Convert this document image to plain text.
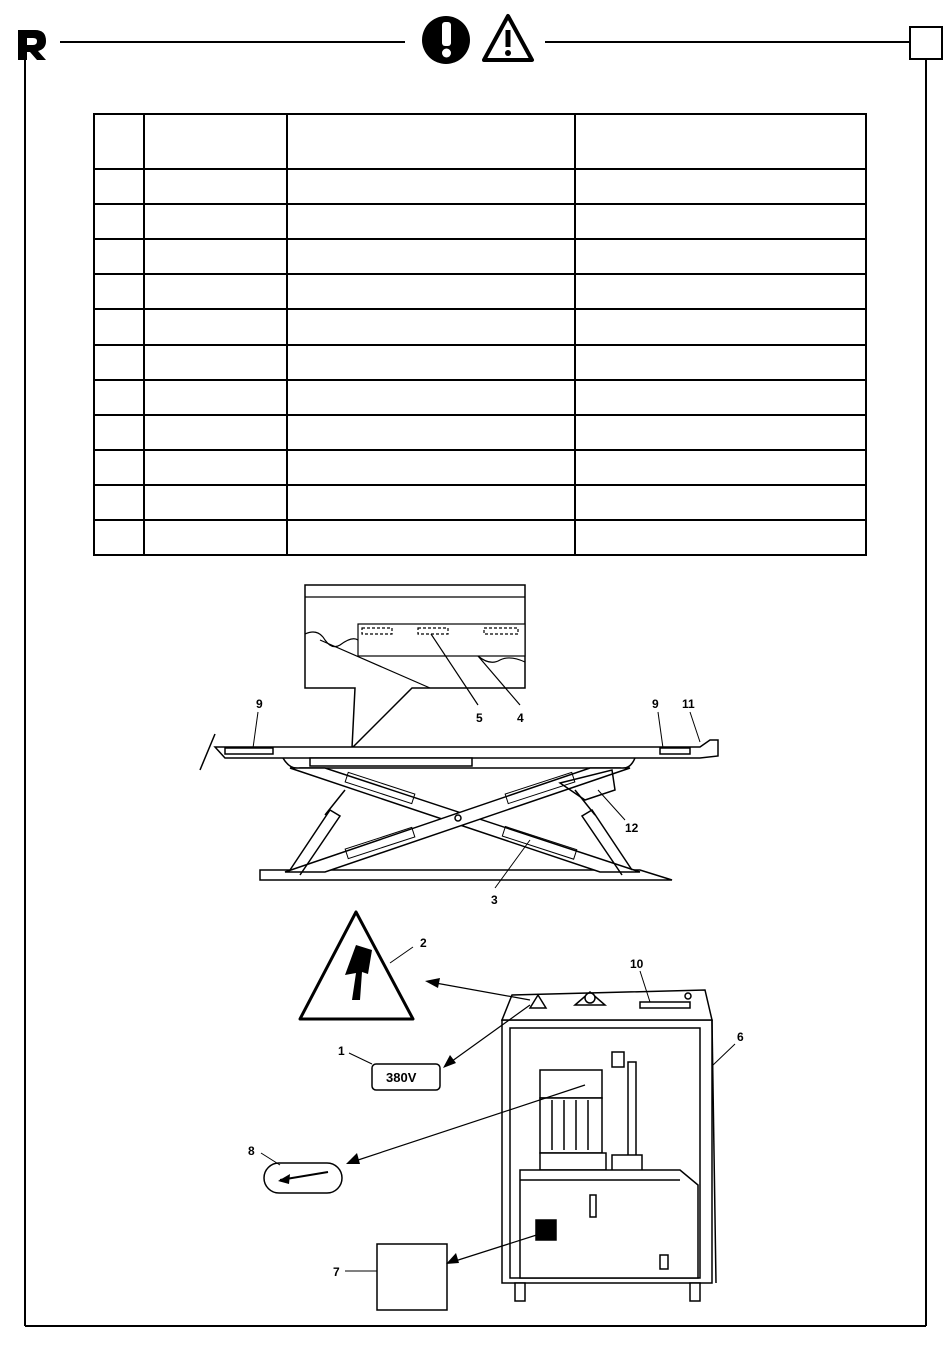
9
5	4
9 11
12
3
2
10
6
1
8
7
380V
